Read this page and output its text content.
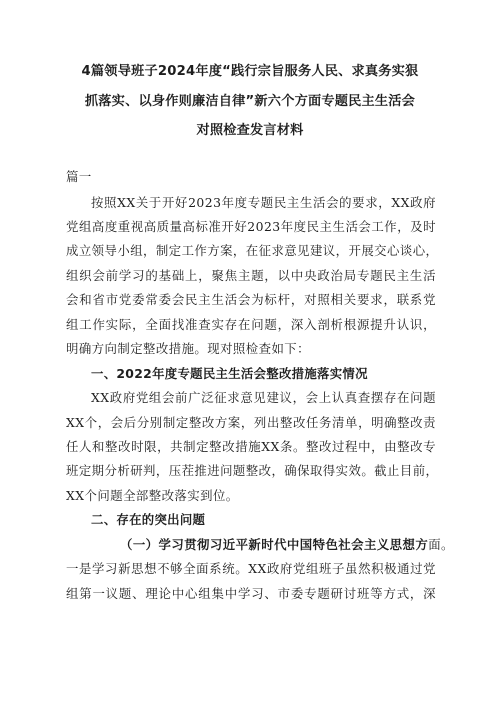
4篇领导班子2024年度“践行宗旨服务人民、求真务实狠
抓落实、以身作则廉洁自律”新六个方面专题民主生活会
对照检查发言材料
篇一
按照XX关于开好2023年度专题民主生活会的要求，XX政府
党组高度重视高质量高标准开好2023年度民主生活会工作，及时
成立领导小组，制定工作方案，在征求意见建议，开展交心谈心，
组织会前学习的基础上，聚焦主题，以中央政治局专题民主生活
会和省市党委常委会民主生活会为标杆，对照相关要求，联系党
组工作实际，全面找准查实存在问题，深入剖析根源提升认识，
明确方向制定整改措施。现对照检查如下：
一、2022年度专题民主生活会整改措施落实情况
XX政府党组会前广泛征求意见建议，会上认真查摆存在问题
XX个，会后分别制定整改方案，列出整改任务清单，明确整改责
任人和整改时限，共制定整改措施XX条。整改过程中，由整改专
班定期分析研判，压茬推进问题整改，确保取得实效。截止目前，
XX个问题全部整改落实到位。
二、存在的突出问题
（一）学习贯彻习近平新时代中国特色社会主义思想方面。
一是学习新思想不够全面系统。XX政府党组班子虽然积极通过党
组第一议题、理论中心组集中学习、市委专题研讨班等方式，深
